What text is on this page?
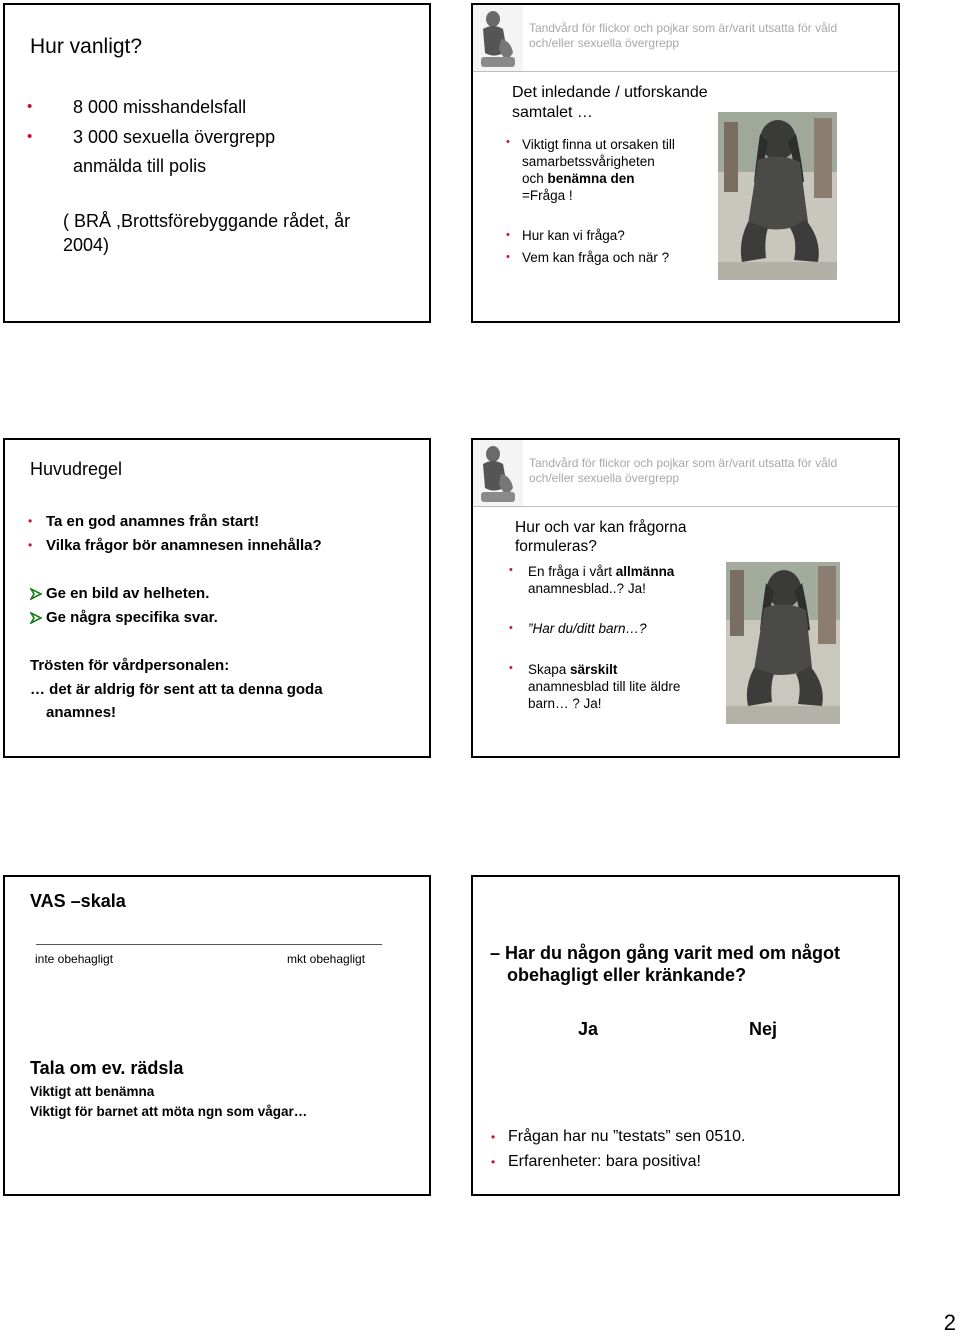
Hur vanligt?
• 8 000 misshandelsfall
• 3 000 sexuella övergrepp
anmälda till polis
( BRÅ ,Brottsförebyggande rådet, år
2004)
Tandvård för flickor och pojkar som är/varit utsatta för våld
och/eller sexuella övergrepp
Det inledande / utforskande
samtalet …
• Viktigt finna ut orsaken till
samarbetssvårigheten
och benämna den
=Fråga !
• Hur kan vi fråga?
• Vem kan fråga och när ?
Huvudregel
• Ta en god anamnes från start!
• Vilka frågor bör anamnesen innehålla?
Ge en bild av helheten.
Ge några specifika svar.
Trösten för vårdpersonalen:
… det är aldrig för sent att ta denna goda
anamnes!
Tandvård för flickor och pojkar som är/varit utsatta för våld
och/eller sexuella övergrepp
Hur och var kan frågorna
formuleras?
• En fråga i vårt allmänna
anamnesblad..? Ja!
• ”Har du/ditt barn…?
• Skapa särskilt
anamnesblad till lite äldre
barn… ? Ja!
VAS –skala
inte obehagligt	mkt obehagligt
Tala om ev. rädsla
Viktigt att benämna
Viktigt för barnet att möta ngn som vågar…
– Har du någon gång varit med om något
obehagligt eller kränkande?
Ja	Nej
• Frågan har nu ”testats” sen 0510.
• Erfarenheter: bara positiva!
2
